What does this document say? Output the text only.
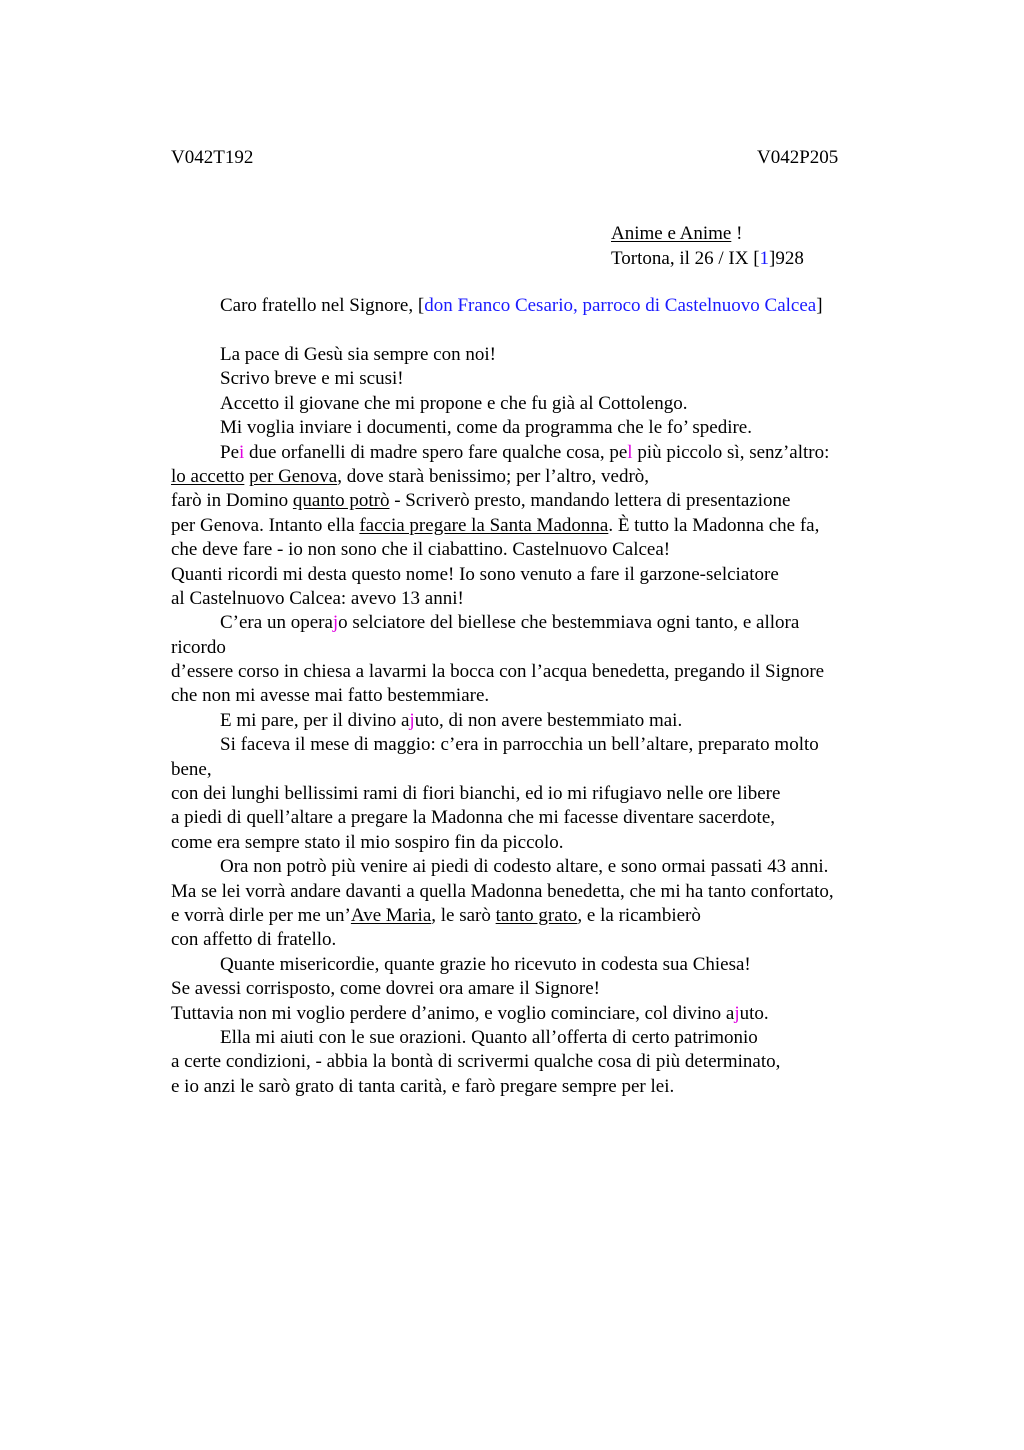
V042T192	V042P205
Anime e Anime !
Tortona, il 26 / IX [1]928
Caro fratello nel Signore, [don Franco Cesario, parroco di Castelnuovo Calcea]
La pace di Gesù sia sempre con noi!
Scrivo breve e mi scusi!
Accetto il giovane che mi propone e che fu già al Cottolengo.
Mi voglia inviare i documenti, come da programma che le fo’ spedire.
Pei due orfanelli di madre spero fare qualche cosa, pel più piccolo sì, senz’altro:
lo accetto per Genova, dove starà benissimo; per l’altro, vedrò,
farò in Domino quanto potrò - Scriverò presto, mandando lettera di presentazione
per Genova. Intanto ella faccia pregare la Santa Madonna. È tutto la Madonna che fa,
che deve fare - io non sono che il ciabattino. Castelnuovo Calcea!
Quanti ricordi mi desta questo nome! Io sono venuto a fare il garzone-selciatore
al Castelnuovo Calcea: avevo 13 anni!
C’era un operajo selciatore del biellese che bestemmiava ogni tanto, e allora
ricordo
d’essere corso in chiesa a lavarmi la bocca con l’acqua benedetta, pregando il Signore
che non mi avesse mai fatto bestemmiare.
E mi pare, per il divino ajuto, di non avere bestemmiato mai.
Si faceva il mese di maggio: c’era in parrocchia un bell’altare, preparato molto
bene,
con dei lunghi bellissimi rami di fiori bianchi, ed io mi rifugiavo nelle ore libere
a piedi di quell’altare a pregare la Madonna che mi facesse diventare sacerdote,
come era sempre stato il mio sospiro fin da piccolo.
Ora non potrò più venire ai piedi di codesto altare, e sono ormai passati 43 anni.
Ma se lei vorrà andare davanti a quella Madonna benedetta, che mi ha tanto confortato,
e vorrà dirle per me un’Ave Maria, le sarò tanto grato, e la ricambierò
con affetto di fratello.
Quante misericordie, quante grazie ho ricevuto in codesta sua Chiesa!
Se avessi corrisposto, come dovrei ora amare il Signore!
Tuttavia non mi voglio perdere d’animo, e voglio cominciare, col divino ajuto.
Ella mi aiuti con le sue orazioni. Quanto all’offerta di certo patrimonio
a certe condizioni, - abbia la bontà di scrivermi qualche cosa di più determinato,
e io anzi le sarò grato di tanta carità, e farò pregare sempre per lei.
